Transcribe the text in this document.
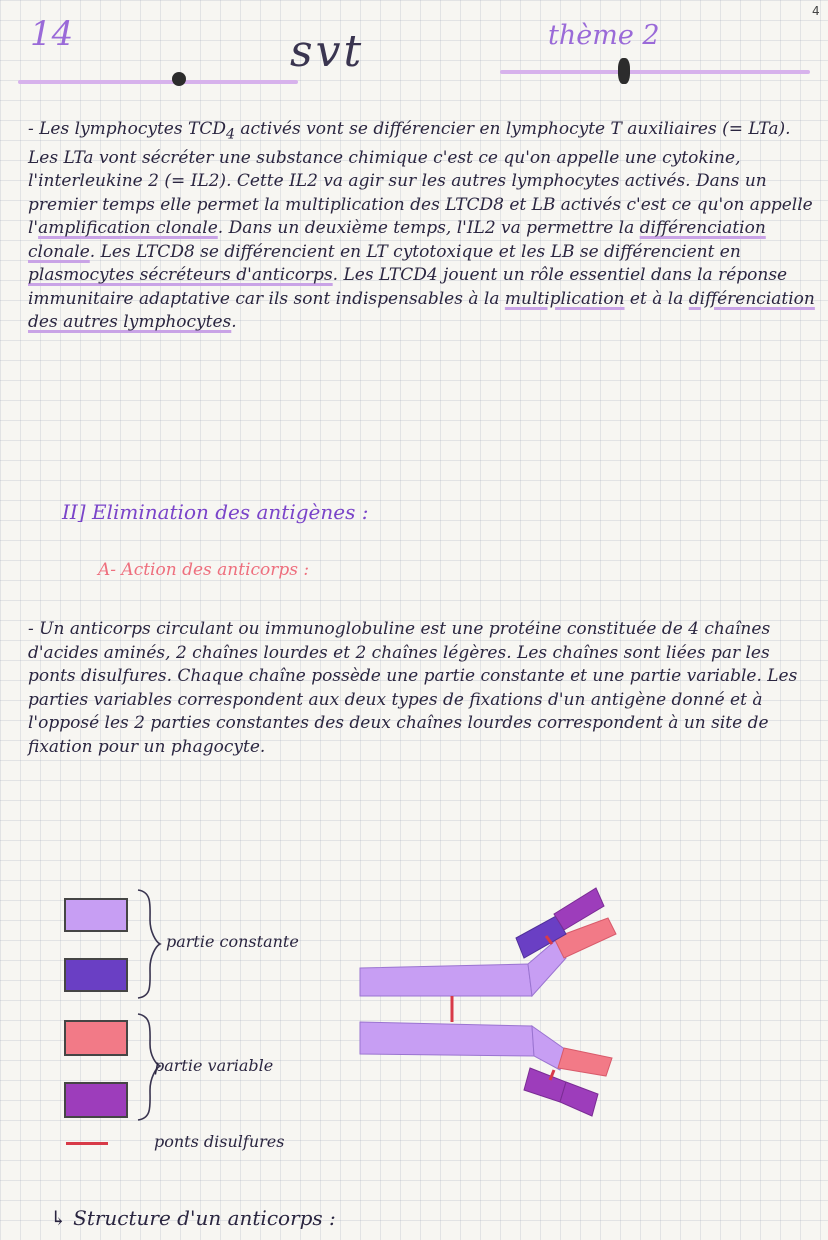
14	svt	thème 2
4
- Les lymphocytes $TCD_4$ activés vont se différencier en lymphocyte T auxiliaires (= LTa). Les LTa vont sécréter une substance chimique c'est ce qu'on appelle une cytokine, l'interleukine 2 (= IL2). Cette IL2 va agir sur les autres lymphocytes activés. Dans un premier temps elle permet la multiplication des LTCD8 et LB activés c'est ce qu'on appelle l'amplification clonale. Dans un deuxième temps, l'IL2 va permettre la différenciation clonale. Les LTCD8 se différencient en LT cytotoxique et les LB se différencient en plasmocytes sécréteurs d'anticorps. Les LTCD4 jouent un rôle essentiel dans la réponse immunitaire adaptative car ils sont indispensables à la multiplication et à la différenciation des autres lymphocytes.
II] Elimination des antigènes :
A- Action des anticorps :
- Un anticorps circulant ou immunoglobuline est une protéine constituée de 4 chaînes d'acides aminés, 2 chaînes lourdes et 2 chaînes légères. Les chaînes sont liées par les ponts disulfures. Chaque chaîne possède une partie constante et une partie variable. Les parties variables correspondent aux deux types de fixations d'un antigène donné et à l'opposé les 2 parties constantes des deux chaînes lourdes correspondent à un site de fixation pour un phagocyte.
partie constante
partie variable
ponts disulfures
↳ Structure d'un anticorps :
